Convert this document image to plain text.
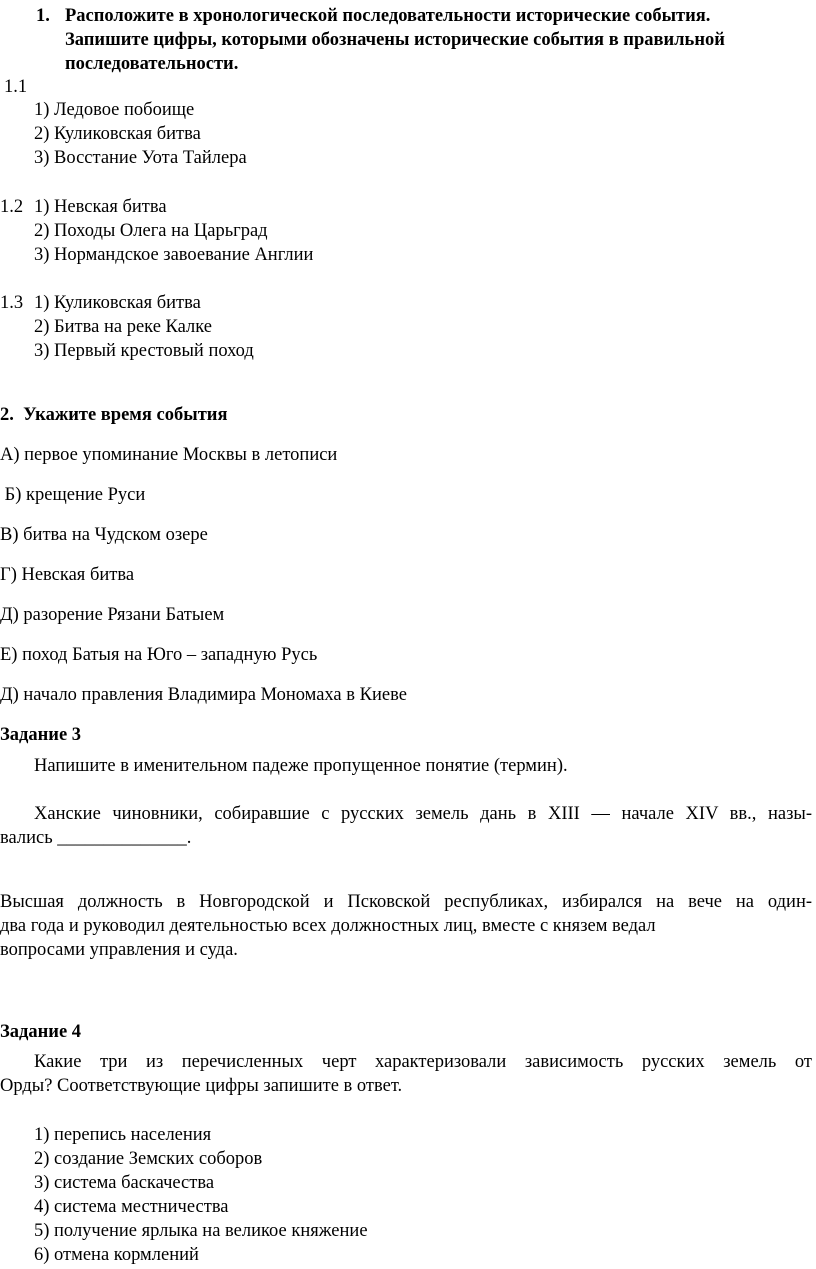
1. Расположите в хронологической последовательности исторические события.
Запишите цифры, которыми обозначены исторические события в правильной
последовательности.
1.1
1) Ледовое побоище
2) Куликовская битва
3) Восстание Уота Тайлера
1.2 1) Невская битва
2) Походы Олега на Царьград
3) Нормандское завоевание Англии
1.3 1) Куликовская битва
2) Битва на реке Калке
3) Первый крестовый поход
2.  Укажите время события
А) первое упоминание Москвы в летописи
Б) крещение Руси
В) битва на Чудском озере
Г) Невская битва
Д) разорение Рязани Батыем
Е) поход Батыя на Юго – западную Русь
Д) начало правления Владимира Мономаха в Киеве
Задание 3
Напишите в именительном падеже пропущенное понятие (термин).
Ханские чиновники, собиравшие с русских земель дань в XIII — начале XIV вв., назы-
вались ______________.
Высшая должность в Новгородской и Псковской республиках, избирался на вече на один-
два года и руководил деятельностью всех должностных лиц, вместе с князем ведал
вопросами управления и суда.
Задание 4
Какие три из перечисленных черт характеризовали зависимость русских земель от
Орды? Соответствующие цифры запишите в ответ.
1) перепись населения
2) создание Земских соборов
3) система баскачества
4) система местничества
5) получение ярлыка на великое княжение
6) отмена кормлений
